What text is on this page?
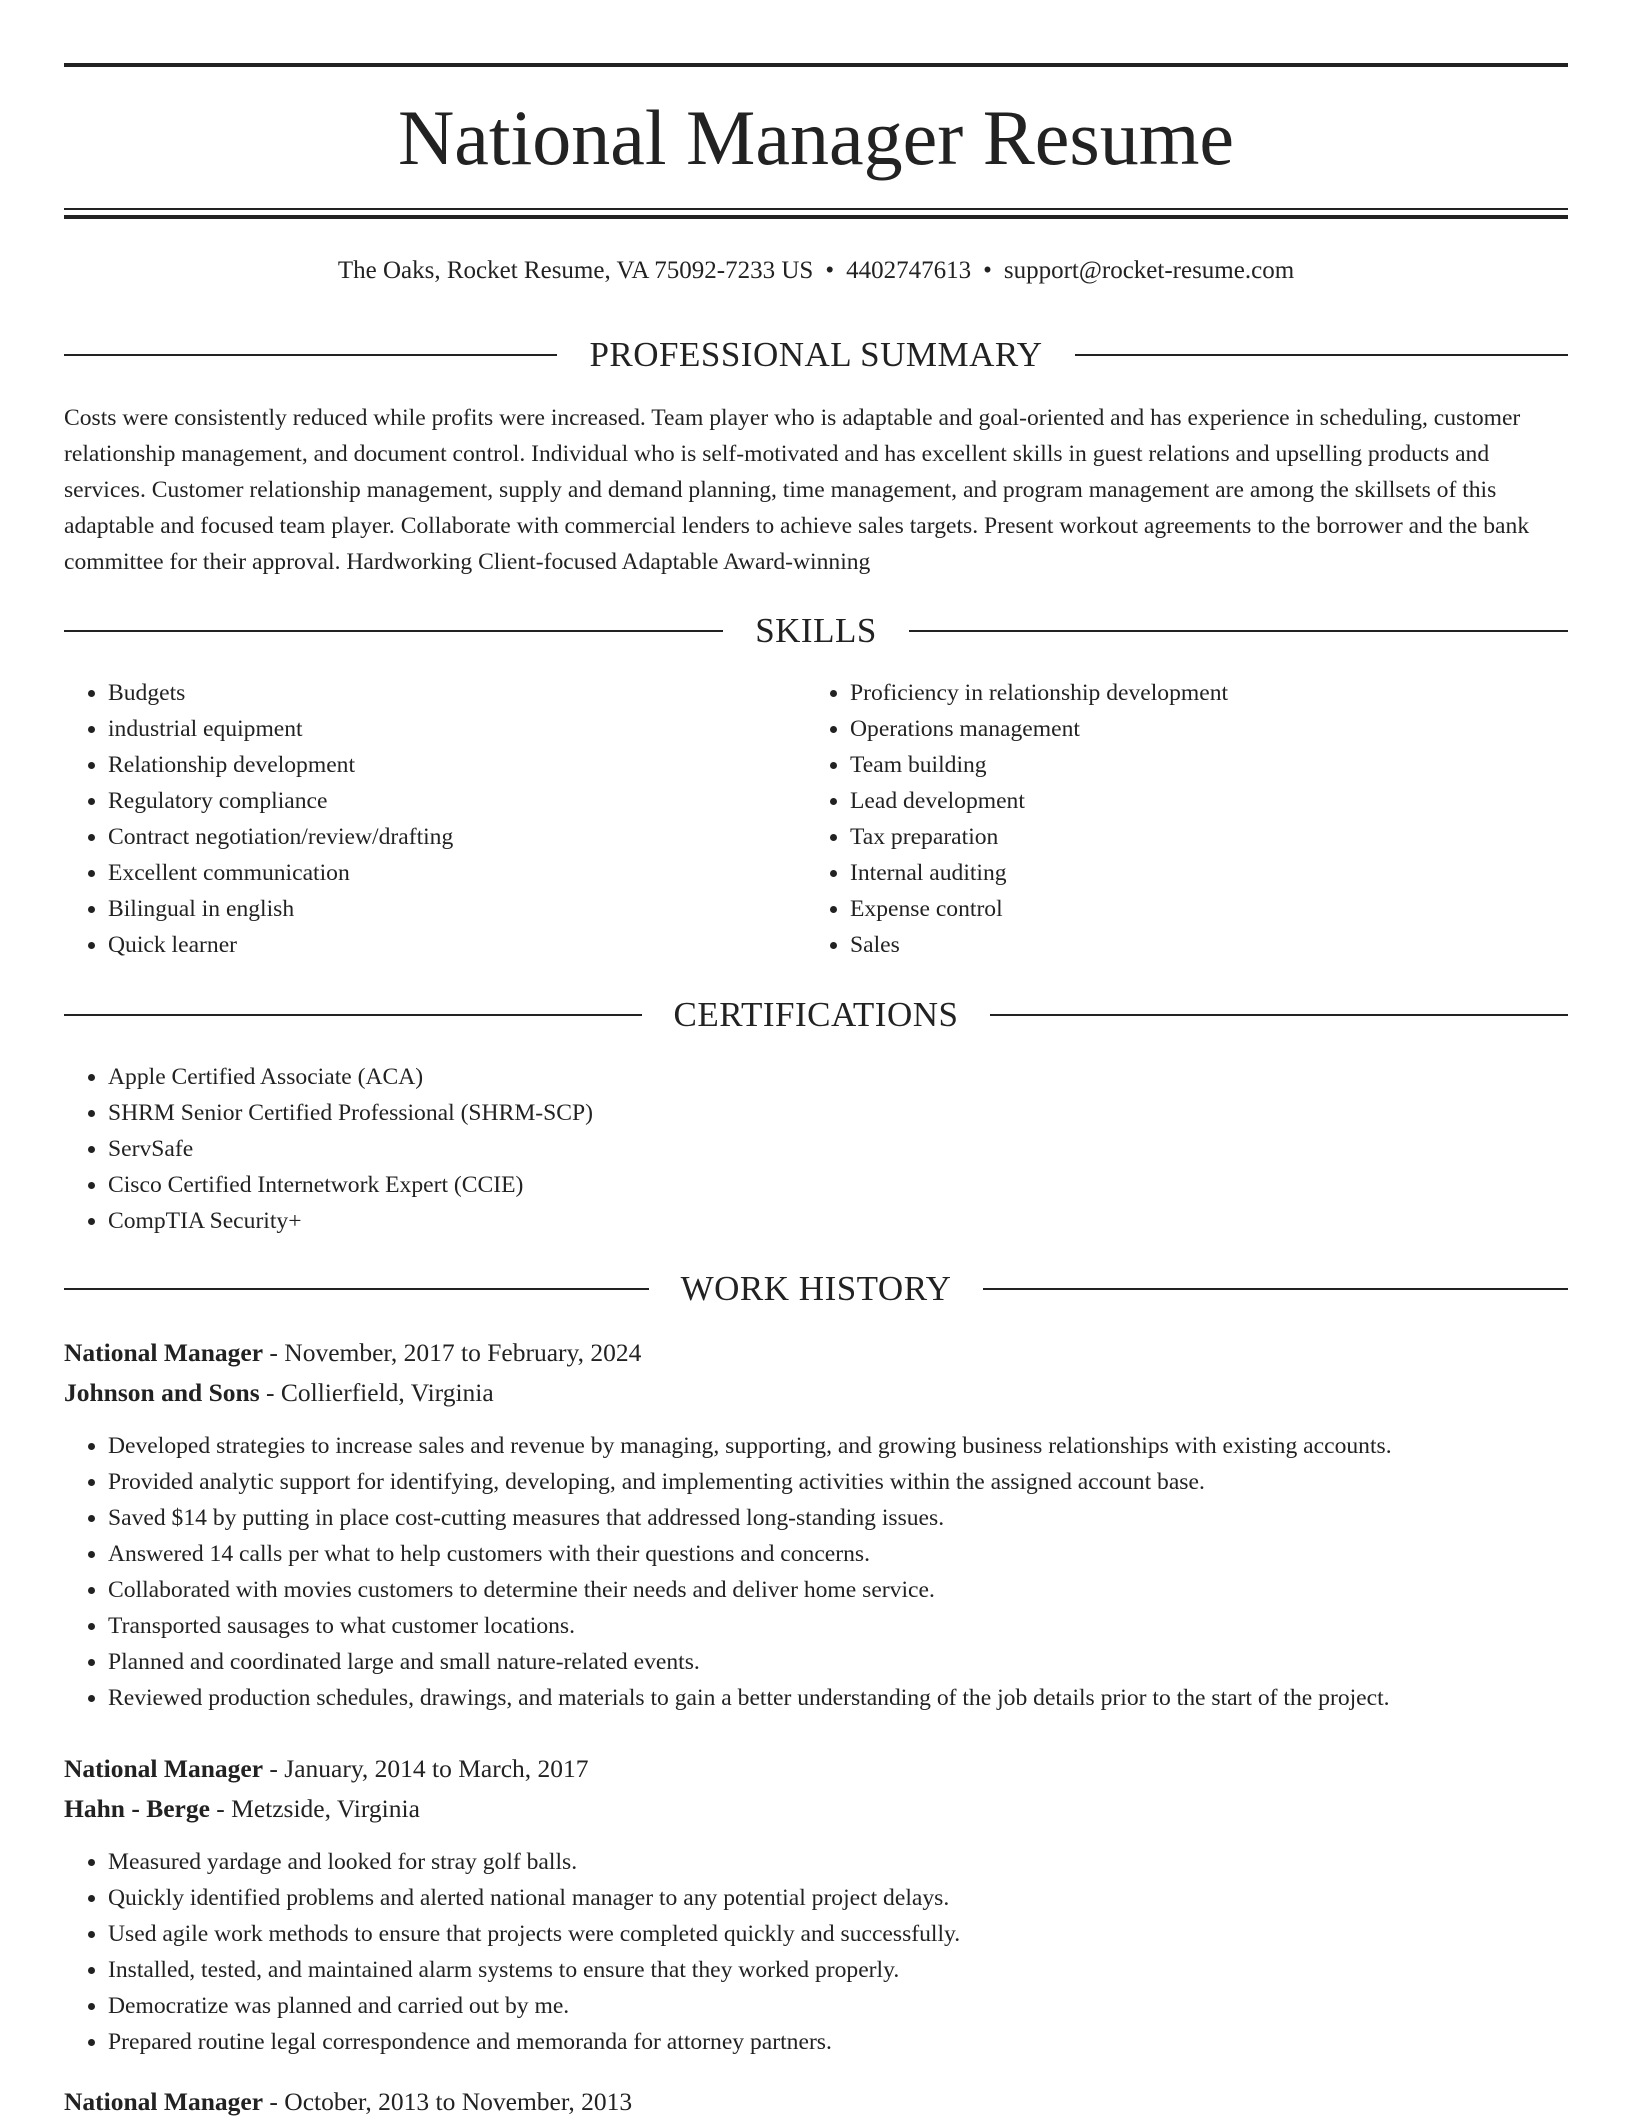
National Manager Resume
The Oaks, Rocket Resume, VA 75092-7233 US • 4402747613 • support@rocket-resume.com
PROFESSIONAL SUMMARY
Costs were consistently reduced while profits were increased. Team player who is adaptable and goal-oriented and has experience in scheduling, customer relationship management, and document control. Individual who is self-motivated and has excellent skills in guest relations and upselling products and services. Customer relationship management, supply and demand planning, time management, and program management are among the skillsets of this adaptable and focused team player. Collaborate with commercial lenders to achieve sales targets. Present workout agreements to the borrower and the bank committee for their approval. Hardworking Client-focused Adaptable Award-winning
SKILLS
• Budgets
• industrial equipment
• Relationship development
• Regulatory compliance
• Contract negotiation/review/drafting
• Excellent communication
• Bilingual in english
• Quick learner
• Proficiency in relationship development
• Operations management
• Team building
• Lead development
• Tax preparation
• Internal auditing
• Expense control
• Sales
CERTIFICATIONS
• Apple Certified Associate (ACA)
• SHRM Senior Certified Professional (SHRM-SCP)
• ServSafe
• Cisco Certified Internetwork Expert (CCIE)
• CompTIA Security+
WORK HISTORY
National Manager - November, 2017 to February, 2024
Johnson and Sons - Collierfield, Virginia
• Developed strategies to increase sales and revenue by managing, supporting, and growing business relationships with existing accounts.
• Provided analytic support for identifying, developing, and implementing activities within the assigned account base.
• Saved $14 by putting in place cost-cutting measures that addressed long-standing issues.
• Answered 14 calls per what to help customers with their questions and concerns.
• Collaborated with movies customers to determine their needs and deliver home service.
• Transported sausages to what customer locations.
• Planned and coordinated large and small nature-related events.
• Reviewed production schedules, drawings, and materials to gain a better understanding of the job details prior to the start of the project.
National Manager - January, 2014 to March, 2017
Hahn - Berge - Metzside, Virginia
• Measured yardage and looked for stray golf balls.
• Quickly identified problems and alerted national manager to any potential project delays.
• Used agile work methods to ensure that projects were completed quickly and successfully.
• Installed, tested, and maintained alarm systems to ensure that they worked properly.
• Democratize was planned and carried out by me.
• Prepared routine legal correspondence and memoranda for attorney partners.
National Manager - October, 2013 to November, 2013
